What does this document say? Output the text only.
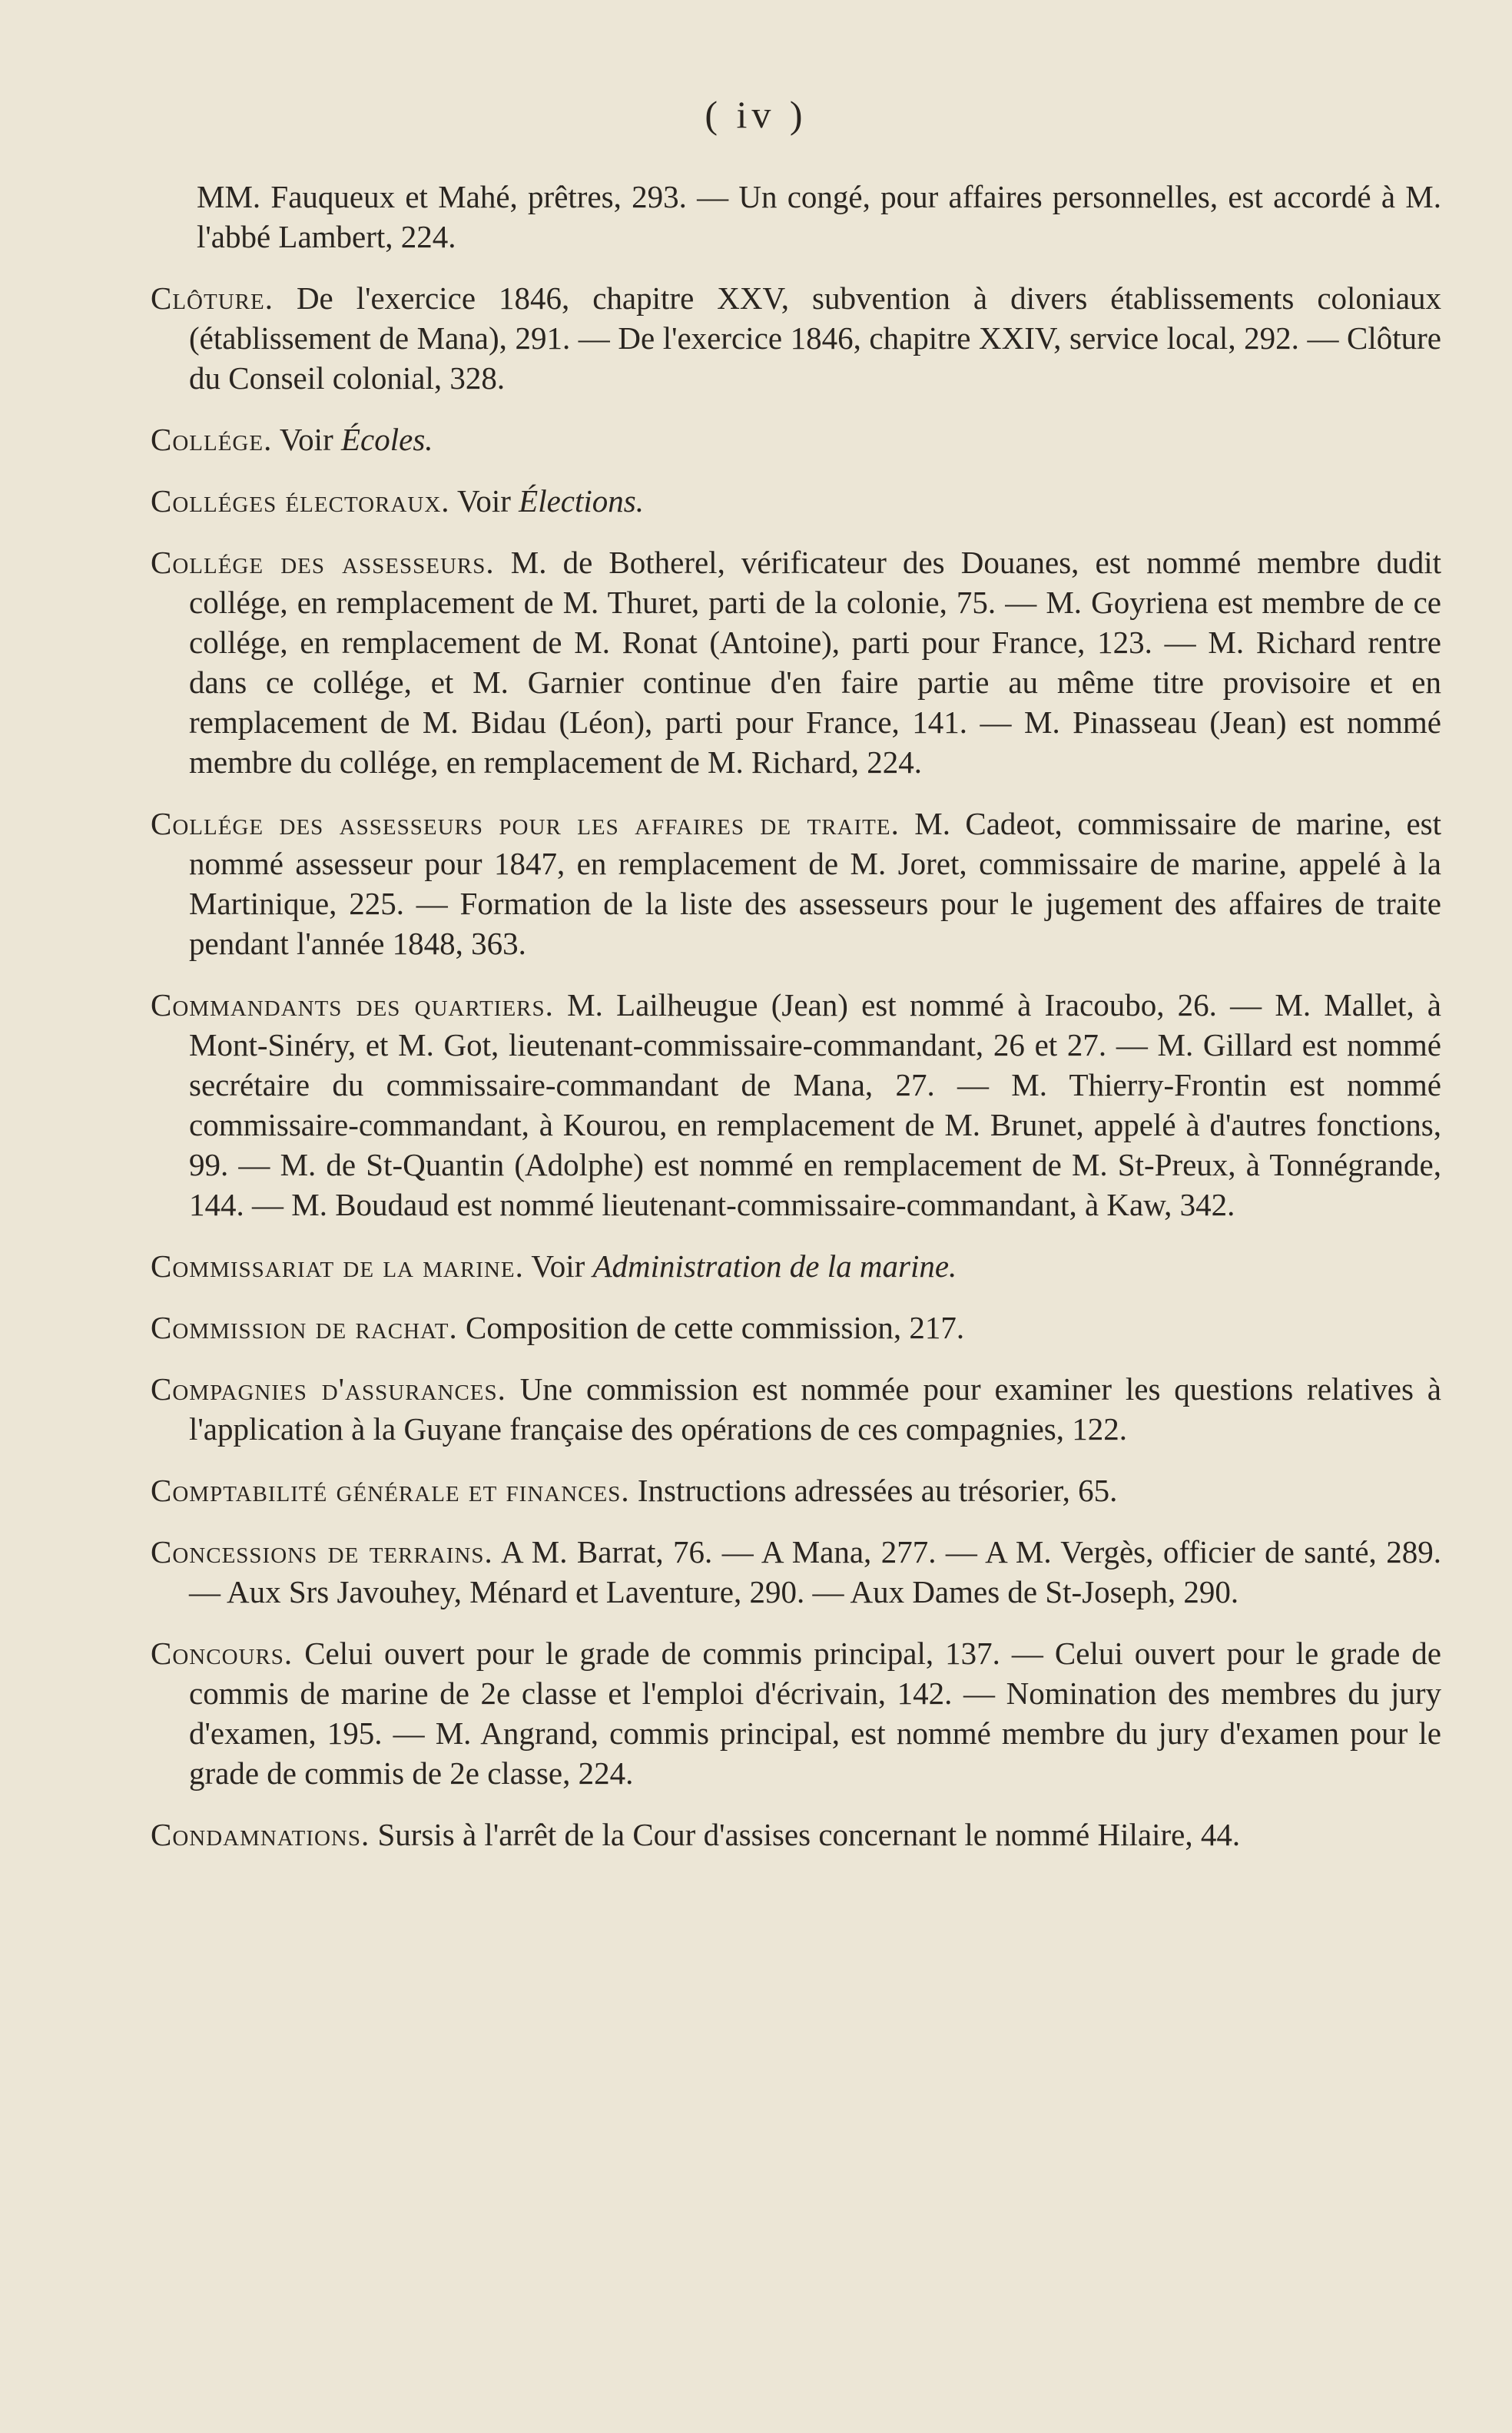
( iv )

MM. Fauqueux et Mahé, prêtres, 293. — Un congé, pour affaires personnelles, est accordé à M. l'abbé Lambert, 224.

Clôture. De l'exercice 1846, chapitre XXV, subvention à divers établissements coloniaux (établissement de Mana), 291. — De l'exercice 1846, chapitre XXIV, service local, 292. — Clôture du Conseil colonial, 328.

Collége. Voir Écoles.

Colléges électoraux. Voir Élections.

Collége des assesseurs. M. de Botherel, vérificateur des Douanes, est nommé membre dudit collége, en remplacement de M. Thuret, parti de la colonie, 75. — M. Goyriena est membre de ce collége, en remplacement de M. Ronat (Antoine), parti pour France, 123. — M. Richard rentre dans ce collége, et M. Garnier continue d'en faire partie au même titre provisoire et en remplacement de M. Bidau (Léon), parti pour France, 141. — M. Pinasseau (Jean) est nommé membre du collége, en remplacement de M. Richard, 224.

Collége des assesseurs pour les affaires de traite. M. Cadeot, commissaire de marine, est nommé assesseur pour 1847, en remplacement de M. Joret, commissaire de marine, appelé à la Martinique, 225. — Formation de la liste des assesseurs pour le jugement des affaires de traite pendant l'année 1848, 363.

Commandants des quartiers. M. Lailheugue (Jean) est nommé à Iracoubo, 26. — M. Mallet, à Mont-Sinéry, et M. Got, lieutenant-commissaire-commandant, 26 et 27. — M. Gillard est nommé secrétaire du commissaire-commandant de Mana, 27. — M. Thierry-Frontin est nommé commissaire-commandant, à Kourou, en remplacement de M. Brunet, appelé à d'autres fonctions, 99. — M. de St-Quantin (Adolphe) est nommé en remplacement de M. St-Preux, à Tonnégrande, 144. — M. Boudaud est nommé lieutenant-commissaire-commandant, à Kaw, 342.

Commissariat de la marine. Voir Administration de la marine.

Commission de rachat. Composition de cette commission, 217.

Compagnies d'assurances. Une commission est nommée pour examiner les questions relatives à l'application à la Guyane française des opérations de ces compagnies, 122.

Comptabilité générale et finances. Instructions adressées au trésorier, 65.

Concessions de terrains. A M. Barrat, 76. — A Mana, 277. — A M. Vergès, officier de santé, 289. — Aux Srs Javouhey, Ménard et Laventure, 290. — Aux Dames de St-Joseph, 290.

Concours. Celui ouvert pour le grade de commis principal, 137. — Celui ouvert pour le grade de commis de marine de 2e classe et l'emploi d'écrivain, 142. — Nomination des membres du jury d'examen, 195. — M. Angrand, commis principal, est nommé membre du jury d'examen pour le grade de commis de 2e classe, 224.

Condamnations. Sursis à l'arrêt de la Cour d'assises concernant le nommé Hilaire, 44.
